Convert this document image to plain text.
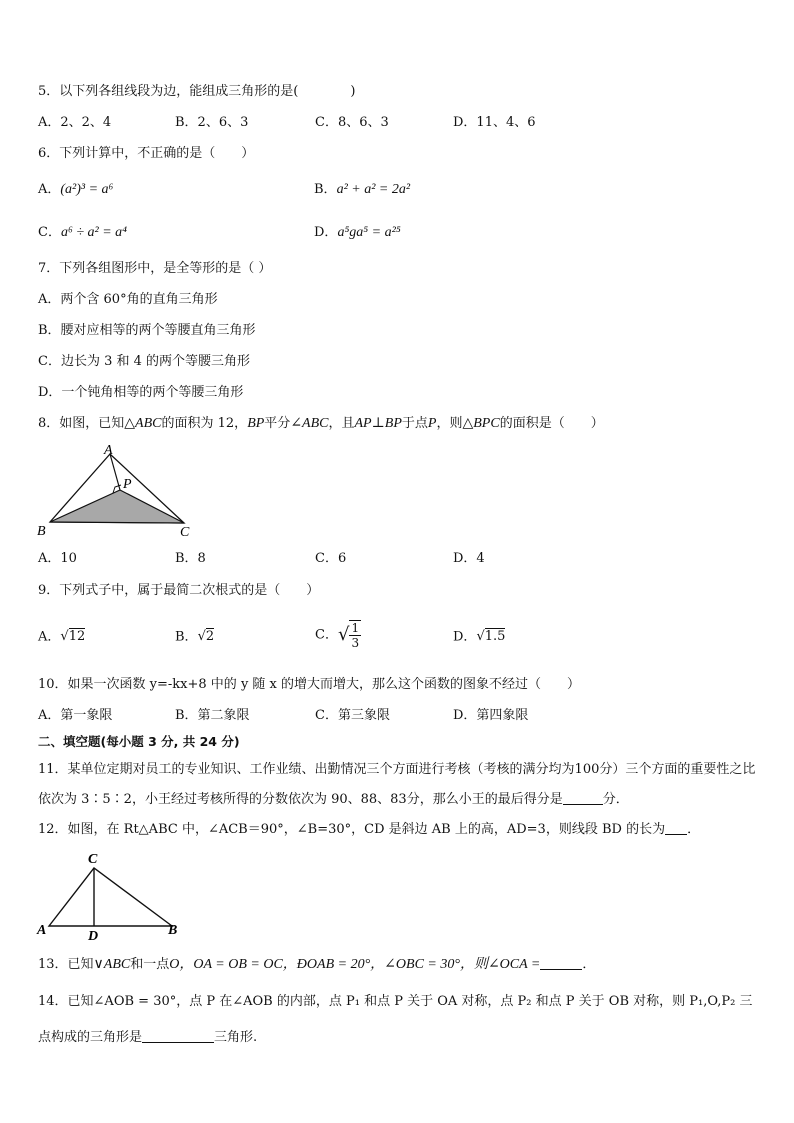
5．以下列各组线段为边，能组成三角形的是(　　　　)
A．2、2、4	B．2、6、3	C．8、6、3	D．11、4、6
6．下列计算中，不正确的是（　　）
A．(a²)³ = a⁶	B．a² + a² = 2a²
C．a⁶ ÷ a² = a⁴	D．a⁵ga⁵ = a²⁵
7．下列各组图形中，是全等形的是（ ）
A．两个含 60°角的直角三角形
B．腰对应相等的两个等腰直角三角形
C．边长为 3 和 4 的两个等腰三角形
D．一个钝角相等的两个等腰三角形
8．如图，已知△ABC的面积为 12，BP平分∠ABC，且AP⊥BP于点P，则△BPC的面积是（　　）
A
P
B	C
A．10	B．8	C．6	D．4
9．下列式子中，属于最简二次根式的是（　　）
A．√12	B．√2	C．√ $\frac{1}{3}$	D．√1.5
10．如果一次函数 y=-kx+8 中的 y 随 x 的增大而增大，那么这个函数的图象不经过（　　）
A．第一象限	B．第二象限	C．第三象限	D．第四象限
二、填空题(每小题 3 分, 共 24 分)
11．某单位定期对员工的专业知识、工作业绩、出勤情况三个方面进行考核（考核的满分均为100分）三个方面的重要性之比依次为 3∶5∶2，小王经过考核所得的分数依次为 90、88、83分，那么小王的最后得分是	分．
12．如图，在 Rt△ABC 中，∠ACB＝90°，∠B=30°，CD 是斜边 AB 上的高，AD=3，则线段 BD 的长为 ．
C
A	D	B
13．已知∨ABC和一点O，OA = OB = OC，ÐOAB = 20°，∠OBC = 30°，则∠OCA =	．
14．已知∠AOB = 30°，点 P 在∠AOB 的内部，点 P₁ 和点 P 关于 OA 对称，点 P₂ 和点 P 关于 OB 对称，则 P₁,O,P₂ 三
点构成的三角形是	三角形.
